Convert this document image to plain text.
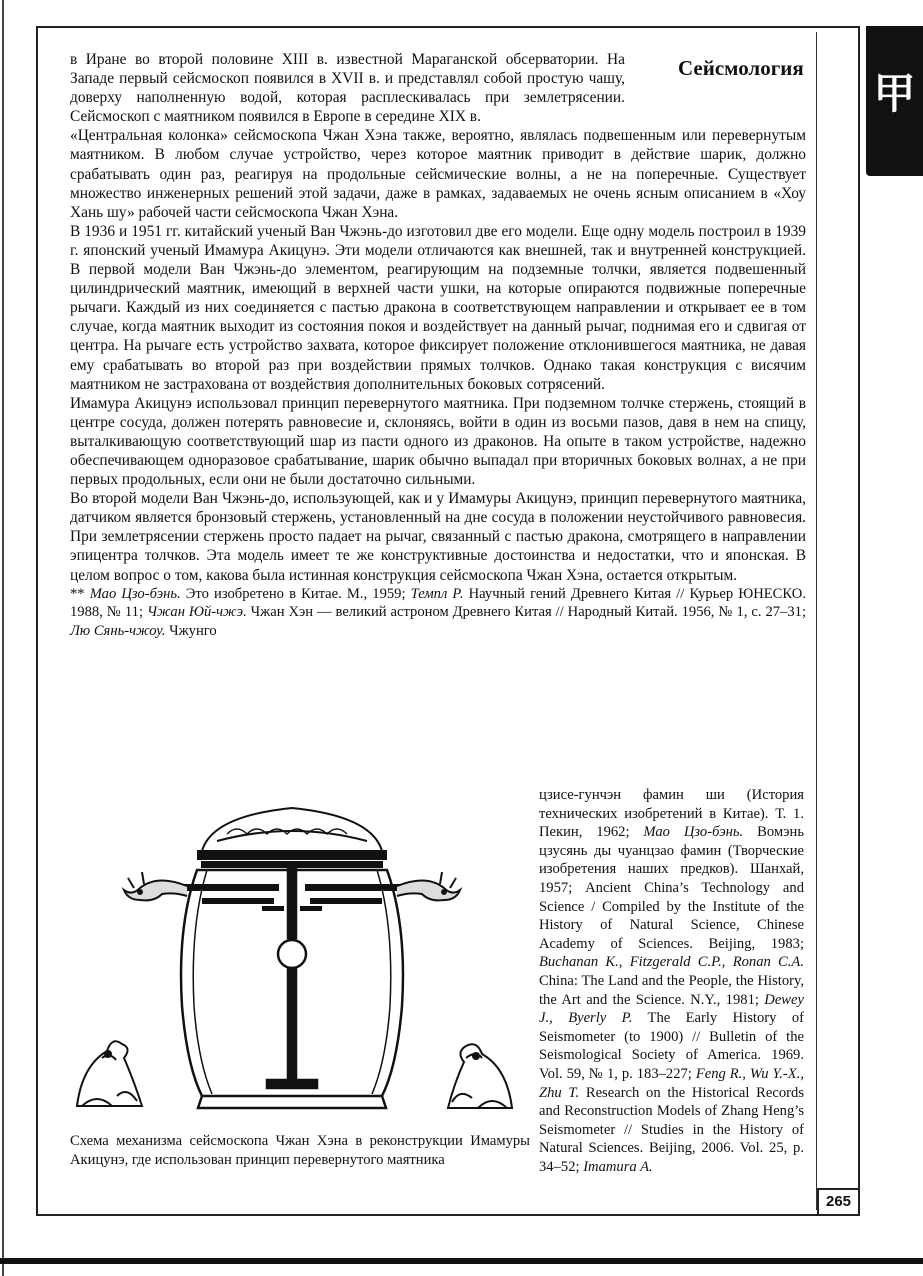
甲
Сейсмология

в Иране во второй половине XIII в. известной Мараганской обсерватории. На Западе первый сейсмоскоп появился в XVII в. и представлял собой простую чашу, доверху наполненную водой, которая расплескивалась при землетрясении. Сейсмоскоп с маятником появился в Европе в середине XIX в.

«Центральная колонка» сейсмоскопа Чжан Хэна также, вероятно, являлась подвешенным или перевернутым маятником. В любом случае устройство, через которое маятник приводит в действие шарик, должно срабатывать один раз, реагируя на продольные сейсмические волны, а не на поперечные. Существует множество инженерных решений этой задачи, даже в рамках, задаваемых не очень ясным описанием в «Хоу Хань шу» рабочей части сейсмоскопа Чжан Хэна.

В 1936 и 1951 гг. китайский ученый Ван Чжэнь-до изготовил две его модели. Еще одну модель построил в 1939 г. японский ученый Имамура Акицунэ. Эти модели отличаются как внешней, так и внутренней конструкцией. В первой модели Ван Чжэнь-до элементом, реагирующим на подземные толчки, является подвешенный цилиндрический маятник, имеющий в верхней части ушки, на которые опираются подвижные поперечные рычаги. Каждый из них соединяется с пастью дракона в соответствующем направлении и открывает ее в том случае, когда маятник выходит из состояния покоя и воздействует на данный рычаг, поднимая его и сдвигая от центра. На рычаге есть устройство захвата, которое фиксирует положение отклонившегося маятника, не давая ему срабатывать во второй раз при воздействии прямых толчков. Однако такая конструкция с висячим маятником не застрахована от воздействия дополнительных боковых сотрясений.

Имамура Акицунэ использовал принцип перевернутого маятника. При подземном толчке стержень, стоящий в центре сосуда, должен потерять равновесие и, склоняясь, войти в один из восьми пазов, давя в нем на спицу, выталкивающую соответствующий шар из пасти одного из драконов. На опыте в таком устройстве, надежно обеспечивающем одноразовое срабатывание, шарик обычно выпадал при вторичных боковых волнах, а не при первых продольных, если они не были достаточно сильными.

Во второй модели Ван Чжэнь-до, использующей, как и у Имамуры Акицунэ, принцип перевернутого маятника, датчиком является бронзовый стержень, установленный на дне сосуда в положении неустойчивого равновесия. При землетрясении стержень просто падает на рычаг, связанный с пастью дракона, смотрящего в направлении эпицентра толчков. Эта модель имеет те же конструктивные достоинства и недостатки, что и японская. В целом вопрос о том, какова была истинная конструкция сейсмоскопа Чжан Хэна, остается открытым.

** Мао Цзо-бэнь. Это изобретено в Китае. М., 1959; Темпл Р. Научный гений Древнего Китая // Курьер ЮНЕСКО. 1988, № 11; Чжан Юй-чжэ. Чжан Хэн — великий астроном Древнего Китая // Народный Китай. 1956, № 1, с. 27–31; Лю Сянь-чжоу. Чжунго

цзисе-гунчэн фамин ши (История технических изобретений в Китае). Т. 1. Пекин, 1962; Мао Цзо-бэнь. Вомэнь цзусянь ды чуанцзао фамин (Творческие изобретения наших предков). Шанхай, 1957; Ancient China’s Technology and Science / Compiled by the Institute of the History of Natural Science, Chinese Academy of Sciences. Beijing, 1983; Buchanan K., Fitzgerald C.P., Ronan C.A. China: The Land and the People, the History, the Art and the Science. N.Y., 1981; Dewey J., Byerly P. The Early History of Seismometer (to 1900) // Bulletin of the Seismological Society of America. 1969. Vol. 59, № 1, p. 183–227; Feng R., Wu Y.-X., Zhu T. Research on the Historical Records and Reconstruction Models of Zhang Heng’s Seismometer // Studies in the History of Natural Sciences. Beijing, 2006. Vol. 25, p. 34–52; Imamura A.
Схема механизма сейсмоскопа Чжан Хэна в реконструкции Имамуры Акицунэ, где использован принцип перевернутого маятника
265
